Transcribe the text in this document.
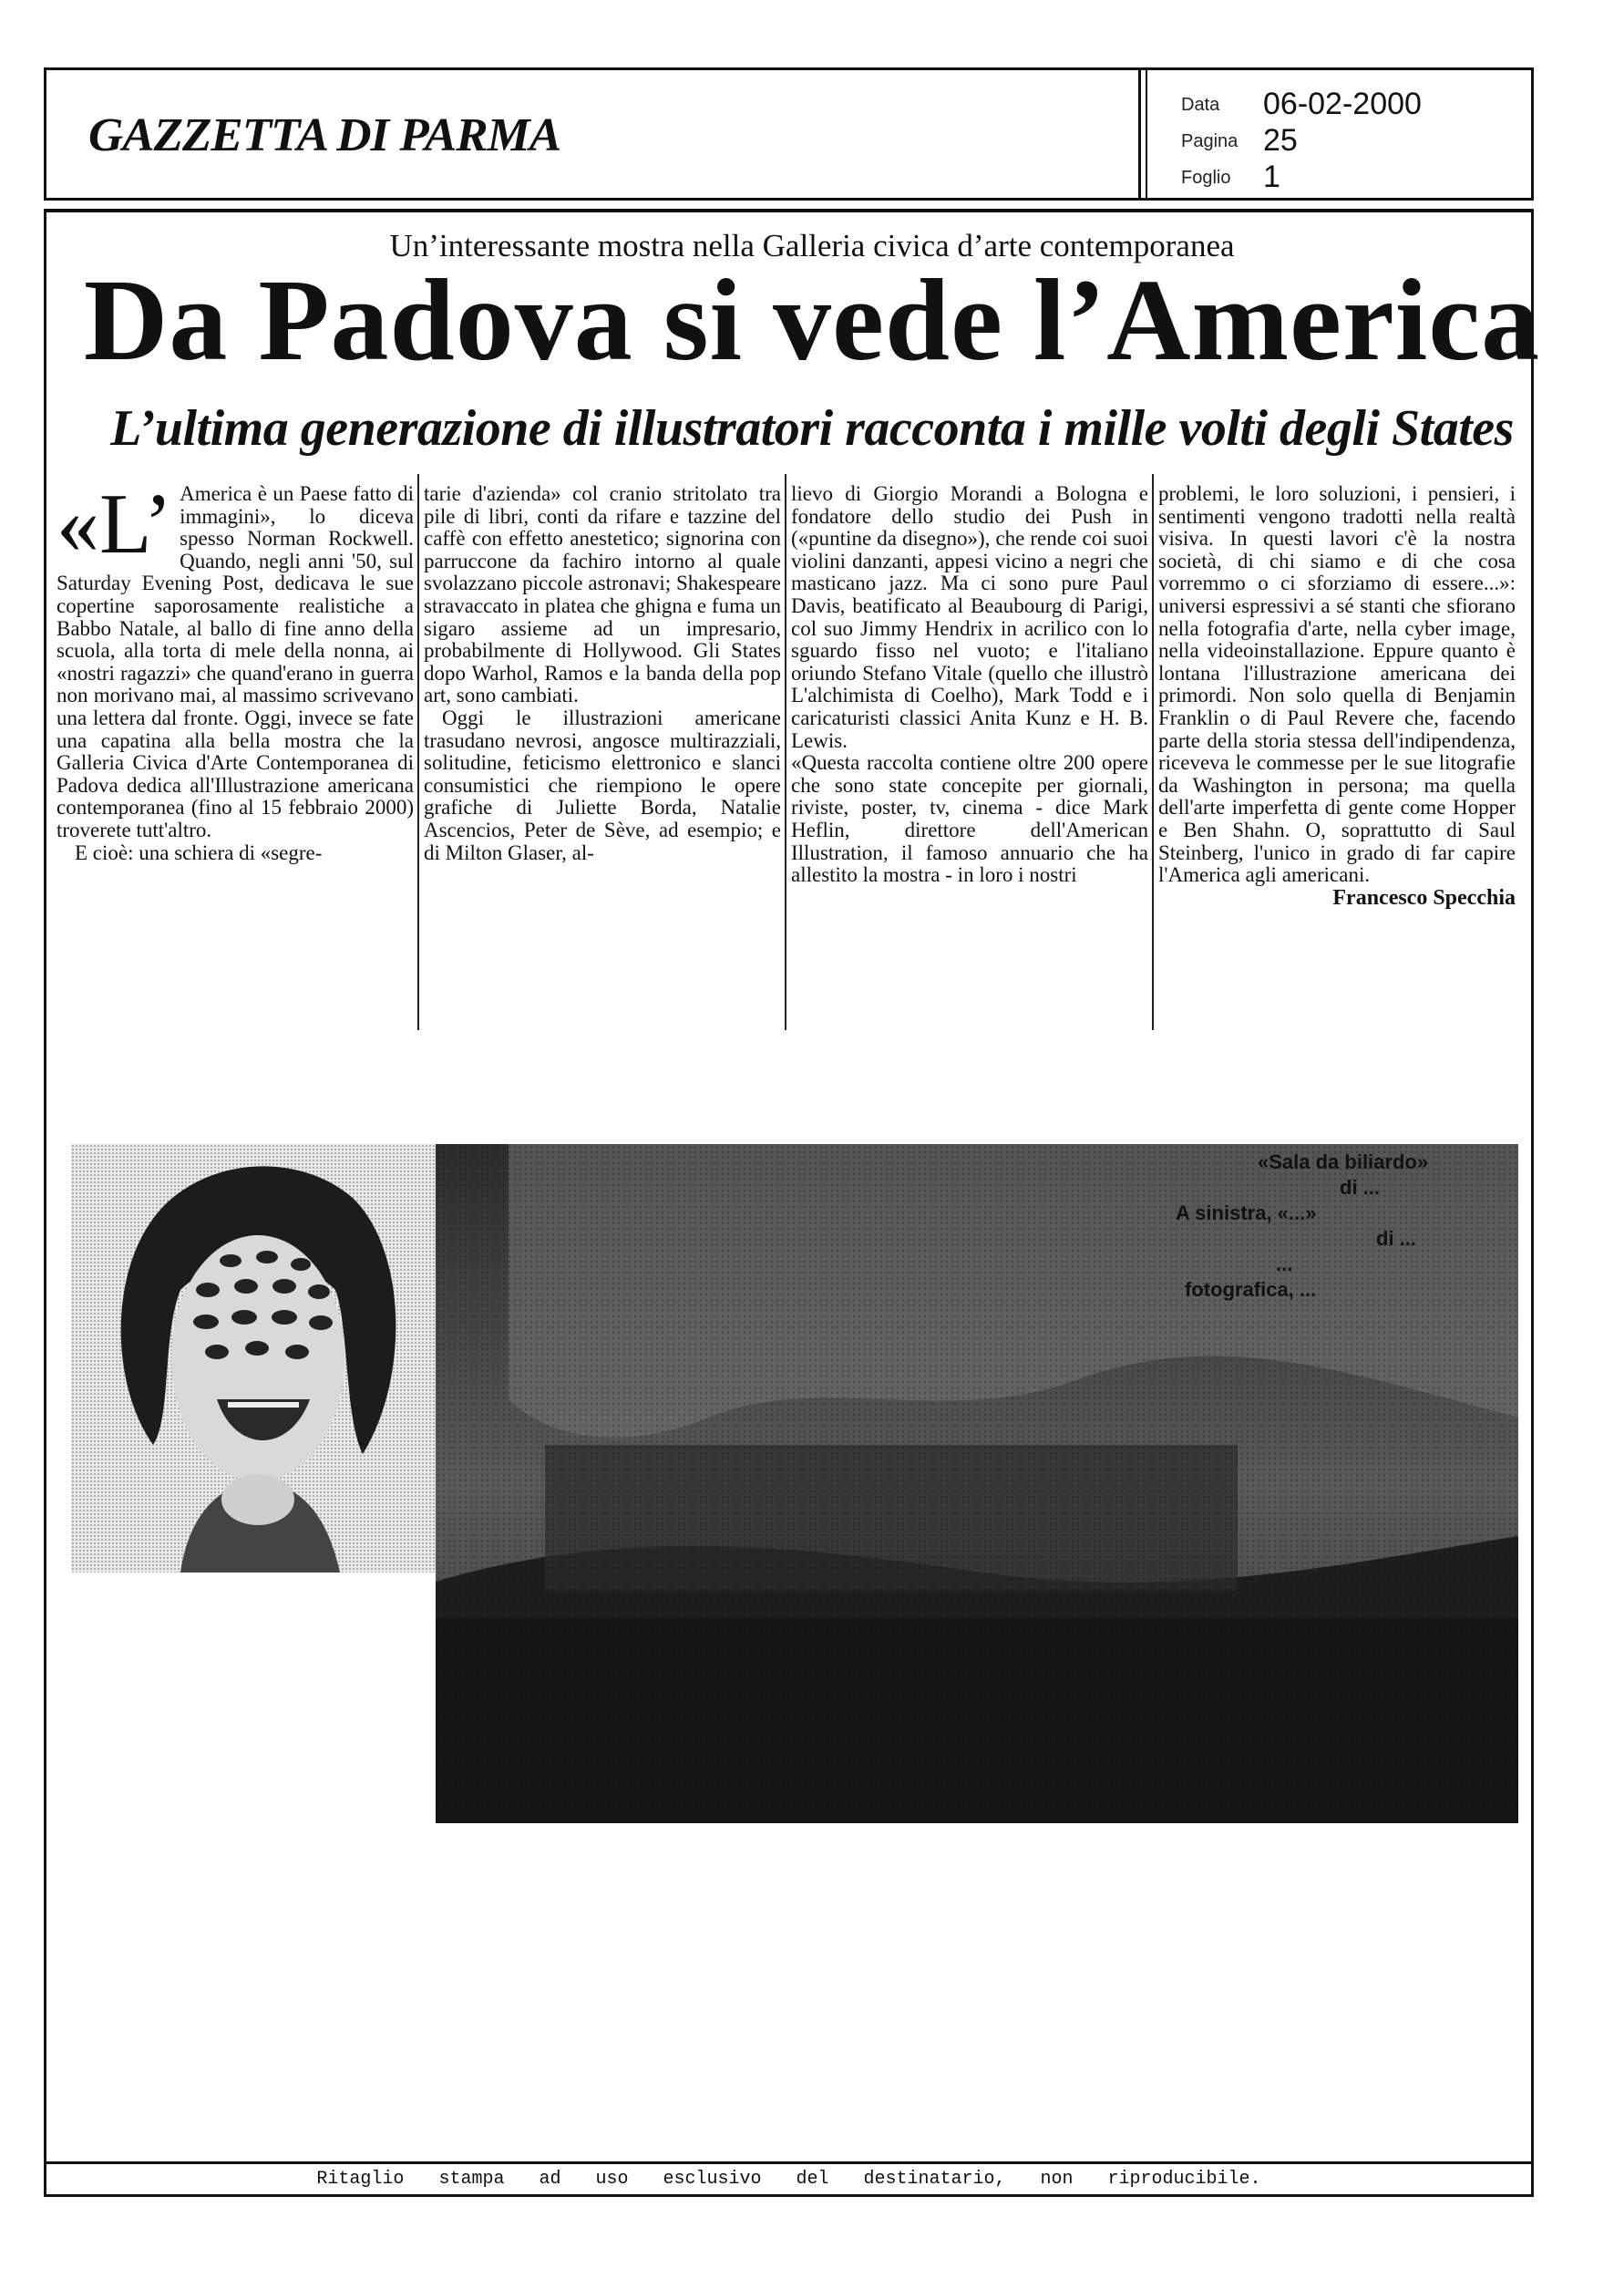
GAZZETTA DI PARMA
Data 06-02-2000
Pagina 25
Foglio 1
Un’interessante mostra nella Galleria civica d’arte contemporanea
Da Padova si vede l’America
L’ultima generazione di illustratori racconta i mille volti degli States

«L’ America è un Paese fatto di immagini», lo diceva spesso Norman Rockwell. Quando, negli anni '50, sul Saturday Evening Post, dedicava le sue copertine saporosamente realistiche a Babbo Natale, al ballo di fine anno della scuola, alla torta di mele della nonna, ai «nostri ragazzi» che quand'erano in guerra non morivano mai, al massimo scrivevano una lettera dal fronte. Oggi, invece se fate una capatina alla bella mostra che la Galleria Civica d'Arte Contemporanea di Padova dedica all'Illustrazione americana contemporanea (fino al 15 febbraio 2000) troverete tutt'altro.

E cioè: una schiera di «segre-

tarie d'azienda» col cranio stritolato tra pile di libri, conti da rifare e tazzine del caffè con effetto anestetico; signorina con parruccone da fachiro intorno al quale svolazzano piccole astronavi; Shakespeare stravaccato in platea che ghigna e fuma un sigaro assieme ad un impresario, probabilmente di Hollywood. Gli States dopo Warhol, Ramos e la banda della pop art, sono cambiati.

Oggi le illustrazioni americane trasudano nevrosi, angosce multirazziali, solitudine, feticismo elettronico e slanci consumistici che riempiono le opere grafiche di Juliette Borda, Natalie Ascencios, Peter de Sève, ad esempio; e di Milton Glaser, al-

lievo di Giorgio Morandi a Bologna e fondatore dello studio dei Push in («puntine da disegno»), che rende coi suoi violini danzanti, appesi vicino a negri che masticano jazz. Ma ci sono pure Paul Davis, beatificato al Beaubourg di Parigi, col suo Jimmy Hendrix in acrilico con lo sguardo fisso nel vuoto; e l'italiano oriundo Stefano Vitale (quello che illustrò L'alchimista di Coelho), Mark Todd e i caricaturisti classici Anita Kunz e H. B. Lewis.

«Questa raccolta contiene oltre 200 opere che sono state concepite per giornali, riviste, poster, tv, cinema - dice Mark Heflin, direttore dell'American Illustration, il famoso annuario che ha allestito la mostra - in loro i nostri

problemi, le loro soluzioni, i pensieri, i sentimenti vengono tradotti nella realtà visiva. In questi lavori c'è la nostra società, di chi siamo e di che cosa vorremmo o ci sforziamo di essere...»: universi espressivi a sé stanti che sfiorano nella fotografia d'arte, nella cyber image, nella videoinstallazione. Eppure quanto è lontana l'illustrazione americana dei primordi. Non solo quella di Benjamin Franklin o di Paul Revere che, facendo parte della storia stessa dell'indipendenza, riceveva le commesse per le sue litografie da Washington in persona; ma quella dell'arte imperfetta di gente come Hopper e Ben Shahn. O, soprattutto di Saul Steinberg, l'unico in grado di far capire l'America agli americani.

Francesco Specchia

«Sala da biliardo»
di ...
A sinistra, «...»
di ...
...
fotografica, ...
Ritaglio stampa ad uso esclusivo del destinatario, non riproducibile.
